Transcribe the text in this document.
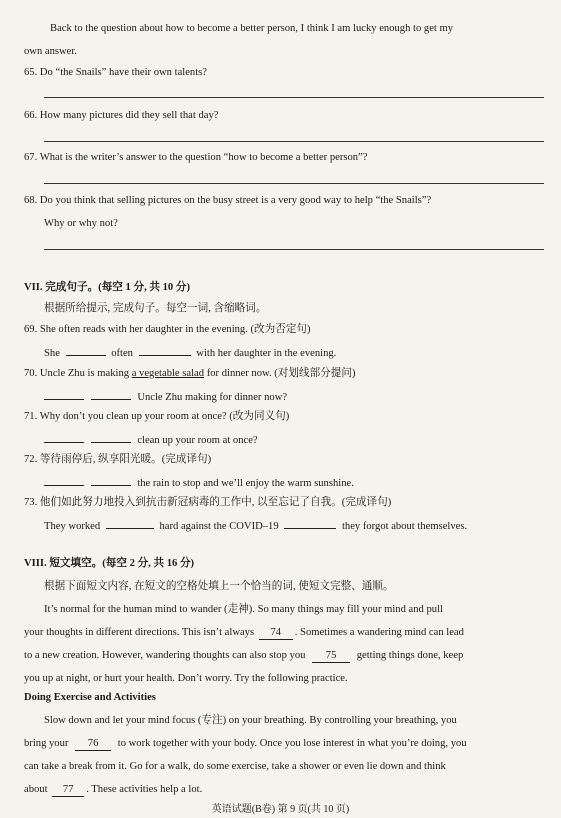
Back to the question about how to become a better person, I think I am lucky enough to get my
own answer.
65. Do “the Snails” have their own talents?
66. How many pictures did they sell that day?
67. What is the writer’s answer to the question “how to become a better person”?
68. Do you think that selling pictures on the busy street is a very good way to help “the Snails”?
Why or why not?
VII. 完成句子。(每空 1 分, 共 10 分)
根据所给提示, 完成句子。每空一词, 含缩略词。
69. She often reads with her daughter in the evening. (改为否定句)
She	often	with her daughter in the evening.
70. Uncle Zhu is making a vegetable salad for dinner now. (对划线部分提问)
Uncle Zhu making for dinner now?
71. Why don’t you clean up your room at once? (改为同义句)
clean up your room at once?
72. 等待雨停后, 纵享阳光暖。(完成译句)
the rain to stop and we’ll enjoy the warm sunshine.
73. 他们如此努力地投入到抗击新冠病毒的工作中, 以至忘记了自我。(完成译句)
They worked	hard against the COVID–19	they forgot about themselves.
VIII. 短文填空。(每空 2 分, 共 16 分)
根据下面短文内容, 在短文的空格处填上一个恰当的词, 使短文完整、通顺。
It’s normal for the human mind to wander (走神). So many things may fill your mind and pull
your thoughts in different directions. This isn’t always 74 . Sometimes a wandering mind can lead
to a new creation. However, wandering thoughts can also stop you 75 getting things done, keep
you up at night, or hurt your health. Don’t worry. Try the following practice.
Doing Exercise and Activities
Slow down and let your mind focus (专注) on your breathing. By controlling your breathing, you
bring your 76 to work together with your body. Once you lose interest in what you’re doing, you
can take a break from it. Go for a walk, do some exercise, take a shower or even lie down and think
about 77 . These activities help a lot.
英语试题(B卷) 第 9 页(共 10 页)
